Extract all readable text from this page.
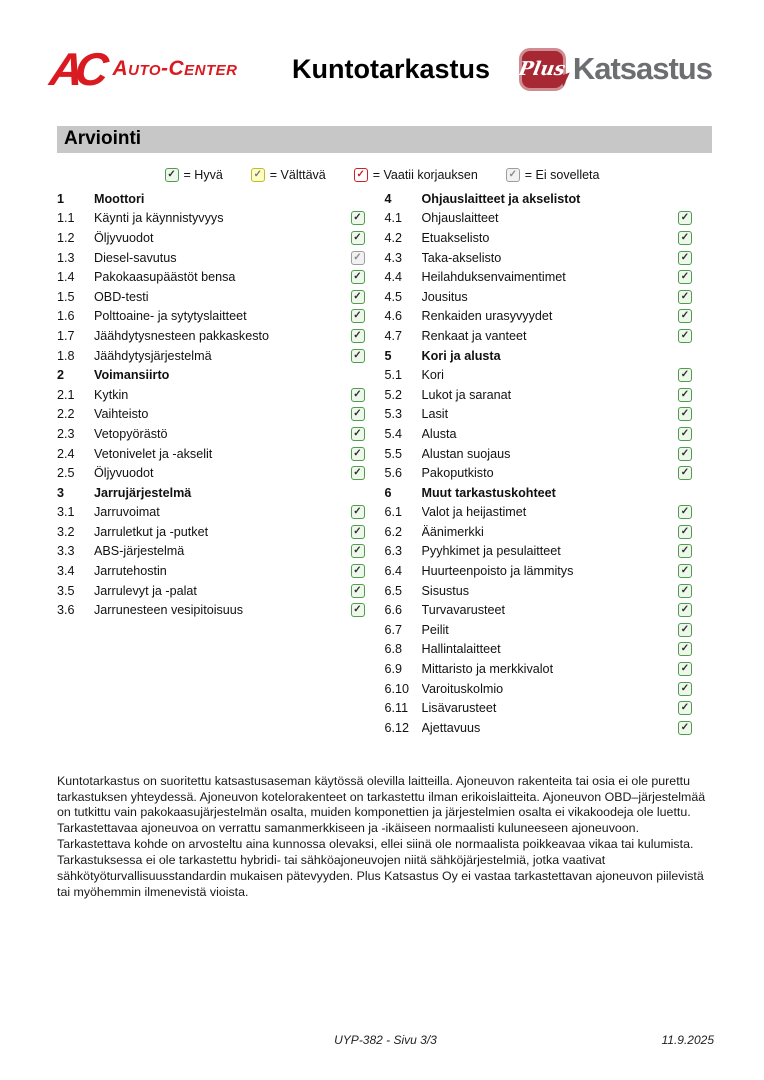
AC Auto-Center	Kuntotarkastus	Plus Katsastus
Arviointi
✓ = Hyvä	✓ = Välttävä	✓ = Vaatii korjauksen	✓ = Ei sovelleta
1	Moottori
1.1	Käynti ja käynnistyvyys	✓
1.2	Öljyvuodot	✓
1.3	Diesel-savutus	✓
1.4	Pakokaasupäästöt bensa	✓
1.5	OBD-testi	✓
1.6	Polttoaine- ja sytytyslaitteet	✓
1.7	Jäähdytysnesteen pakkaskesto	✓
1.8	Jäähdytysjärjestelmä	✓
2	Voimansiirto
2.1	Kytkin	✓
2.2	Vaihteisto	✓
2.3	Vetopyörästö	✓
2.4	Vetonivelet ja -akselit	✓
2.5	Öljyvuodot	✓
3	Jarrujärjestelmä
3.1	Jarruvoimat	✓
3.2	Jarruletkut ja -putket	✓
3.3	ABS-järjestelmä	✓
3.4	Jarrutehostin	✓
3.5	Jarrulevyt ja -palat	✓
3.6	Jarrunesteen vesipitoisuus	✓
4	Ohjauslaitteet ja akselistot
4.1	Ohjauslaitteet	✓
4.2	Etuakselisto	✓
4.3	Taka-akselisto	✓
4.4	Heilahduksenvaimentimet	✓
4.5	Jousitus	✓
4.6	Renkaiden urasyvyydet	✓
4.7	Renkaat ja vanteet	✓
5	Kori ja alusta
5.1	Kori	✓
5.2	Lukot ja saranat	✓
5.3	Lasit	✓
5.4	Alusta	✓
5.5	Alustan suojaus	✓
5.6	Pakoputkisto	✓
6	Muut tarkastuskohteet
6.1	Valot ja heijastimet	✓
6.2	Äänimerkki	✓
6.3	Pyyhkimet ja pesulaitteet	✓
6.4	Huurteenpoisto ja lämmitys	✓
6.5	Sisustus	✓
6.6	Turvavarusteet	✓
6.7	Peilit	✓
6.8	Hallintalaitteet	✓
6.9	Mittaristo ja merkkivalot	✓
6.10 Varoituskolmio	✓
6.11	Lisävarusteet	✓
6.12 Ajettavuus	✓

Kuntotarkastus on suoritettu katsastusaseman käytössä olevilla laitteilla. Ajoneuvon rakenteita tai osia ei ole purettu tarkastuksen yhteydessä. Ajoneuvon kotelorakenteet on tarkastettu ilman erikoislaitteita. Ajoneuvon OBD–järjestelmää on tutkittu vain pakokaasujärjestelmän osalta, muiden komponettien ja järjestelmien osalta ei vikakoodeja ole luettu. Tarkastettavaa ajoneuvoa on verrattu samanmerkkiseen ja -ikäiseen normaalisti kuluneeseen ajoneuvoon. Tarkastettava kohde on arvosteltu aina kunnossa olevaksi, ellei siinä ole normaalista poikkeavaa vikaa tai kulumista. Tarkastuksessa ei ole tarkastettu hybridi- tai sähköajoneuvojen niitä sähköjärjestelmiä, jotka vaativat sähkötyöturvallisuusstandardin mukaisen pätevyyden. Plus Katsastus Oy ei vastaa tarkastettavan ajoneuvon piilevistä tai myöhemmin ilmenevistä vioista.

UYP-382 - Sivu 3/3	11.9.2025
